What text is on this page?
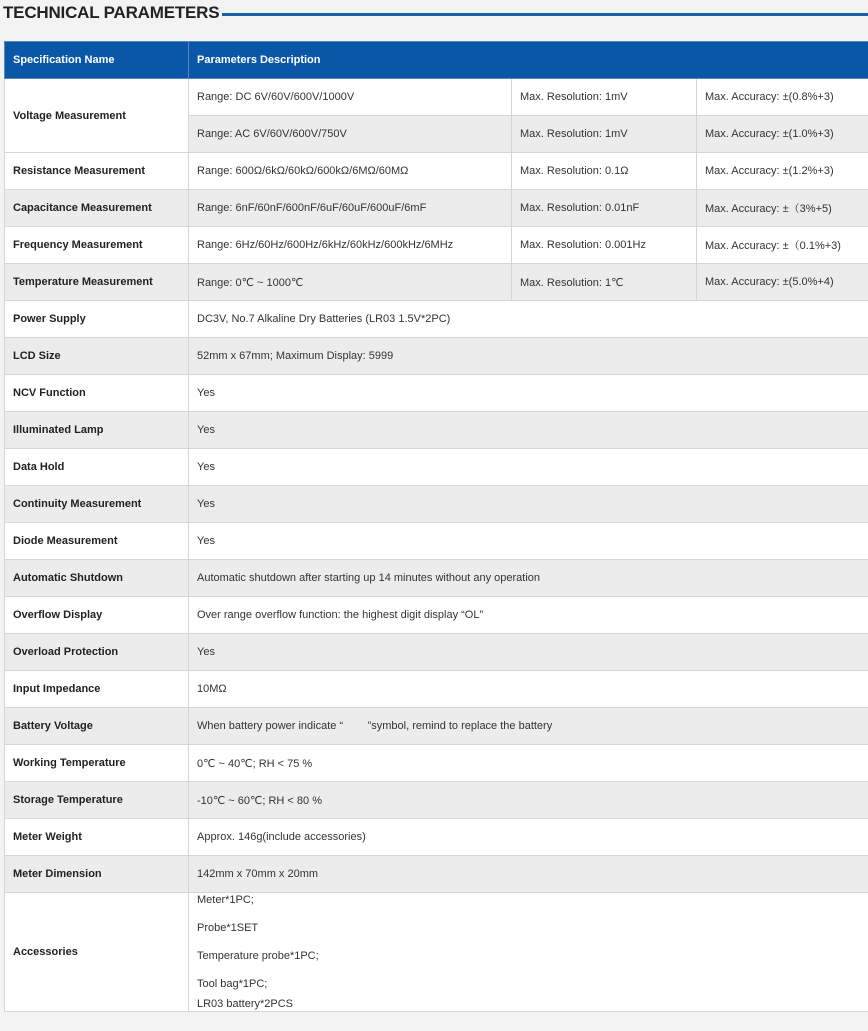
TECHNICAL PARAMETERS
Specification Name	Parameters Description		
Voltage Measurement	Range: DC 6V/60V/600V/1000V	Max. Resolution: 1mV	Max. Accuracy: ±(0.8%+3)
	Range: AC 6V/60V/600V/750V	Max. Resolution: 1mV	Max. Accuracy: ±(1.0%+3)
Resistance Measurement	Range: 600Ω/6kΩ/60kΩ/600kΩ/6MΩ/60MΩ	Max. Resolution: 0.1Ω	Max. Accuracy: ±(1.2%+3)
Capacitance Measurement	Range: 6nF/60nF/600nF/6uF/60uF/600uF/6mF	Max. Resolution: 0.01nF	Max. Accuracy: ±（3%+5)
Frequency Measurement	Range: 6Hz/60Hz/600Hz/6kHz/60kHz/600kHz/6MHz	Max. Resolution: 0.001Hz	Max. Accuracy: ±（0.1%+3)
Temperature Measurement	Range: 0℃ ~ 1000℃	Max. Resolution: 1℃	Max. Accuracy: ±(5.0%+4)
Power Supply	DC3V, No.7 Alkaline Dry Batteries (LR03 1.5V*2PC)		
LCD Size	52mm x 67mm; Maximum Display: 5999		
NCV Function	Yes		
Illuminated Lamp	Yes		
Data Hold	Yes		
Continuity Measurement	Yes		
Diode Measurement	Yes		
Automatic Shutdown	Automatic shutdown after starting up 14 minutes without any operation		
Overflow Display	Over range overflow function: the highest digit display “OL”		
Overload Protection	Yes		
Input Impedance	10MΩ		
Battery Voltage	When battery power indicate “        ”symbol, remind to replace the battery		
Working Temperature	0℃ ~ 40℃; RH < 75 %		
Storage Temperature	-10℃ ~ 60℃; RH < 80 %		
Meter Weight	Approx. 146g(include accessories)		
Meter Dimension	142mm x 70mm x 20mm		
Accessories	Meter*1PC;
Probe*1SET
Temperature probe*1PC;
Tool bag*1PC;
LR03 battery*2PCS		
